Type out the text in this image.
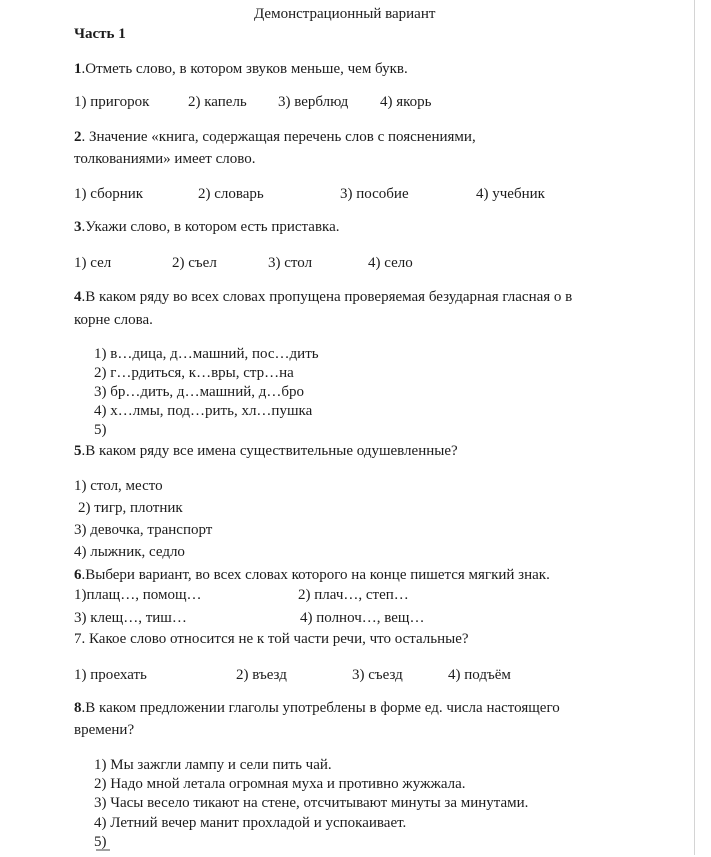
Демонстрационный вариант
Часть 1
1.Отметь слово, в котором звуков меньше, чем букв.
1) пригорок	2) капель 3) верблюд 4) якорь
2. Значение «книга, содержащая перечень слов с пояснениями,
толкованиями» имеет слово.
1) сборник	2) словарь	3) пособие	4) учебник
3.Укажи слово, в котором есть приставка.
1) сел	2) съел	3) стол	4) село
4.В каком ряду во всех словах пропущена проверяемая безударная гласная о в
корне слова.
1) в…дица, д…машний, пос…дить
2) г…рдиться, к…вры, стр…на
3) бр…дить, д…машний, д…бро
4) х…лмы, под…рить, хл…пушка
5)
5.В каком ряду все имена существительные одушевленные?
1) стол, место
2) тигр, плотник
3) девочка, транспорт
4) лыжник, седло
6.Выбери вариант, во всех словах которого на конце пишется мягкий знак.
1)плащ…, помощ…	2) плач…, степ…
3) клещ…, тиш…	4) полноч…, вещ…
7. Какое слово относится не к той части речи, что остальные?
1) проехать	2) въезд	3) съезд	4) подъём
8.В каком предложении глаголы употреблены в форме ед. числа настоящего
времени?
1) Мы зажгли лампу и сели пить чай.
2) Надо мной летала огромная муха и противно жужжала.
3) Часы весело тикают на стене, отсчитывают минуты за минутами.
4) Летний вечер манит прохладой и успокаивает.
5)
